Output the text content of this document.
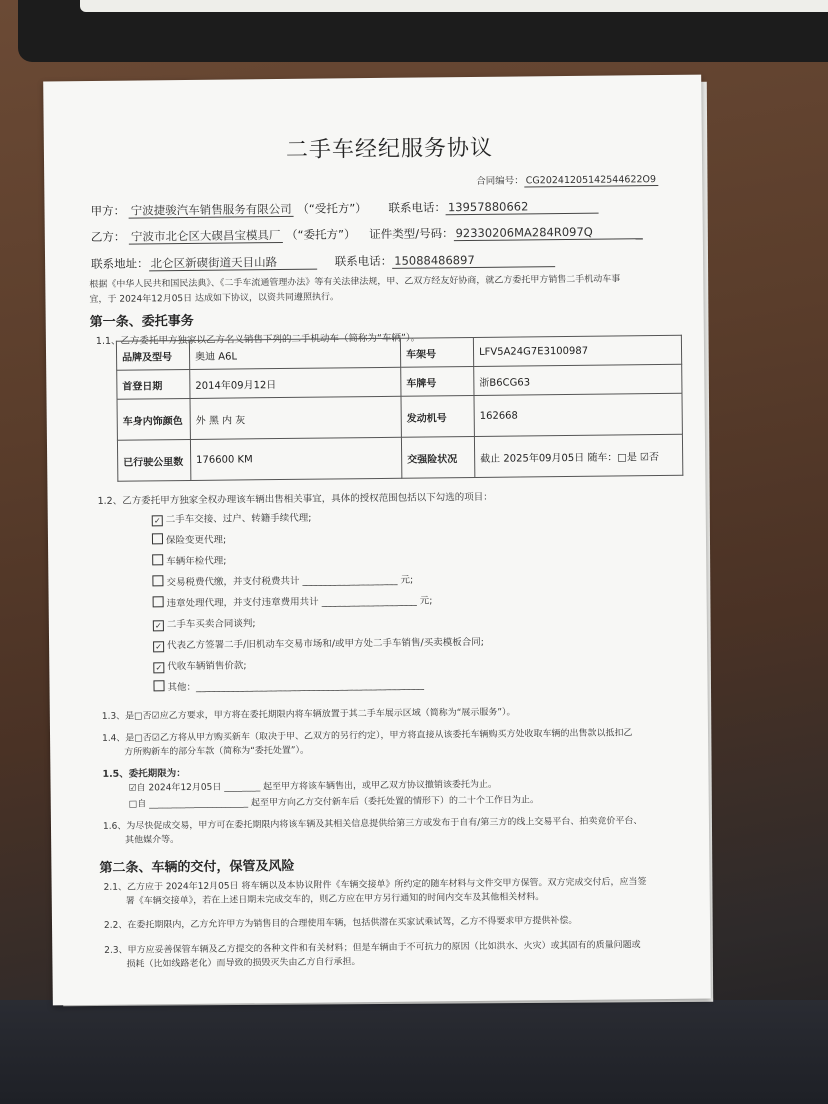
二手车经纪服务协议
合同编号： CG20241205142544622O9
甲方： 宁波捷骏汽车销售服务有限公司 （“受托方”） 联系电话： 13957880662
乙方： 宁波市北仑区大碶昌宝模具厂 （“委托方”） 证件类型/号码： 92330206MA284R097Q
联系地址： 北仑区新碶街道天目山路	联系电话： 15088486897
根据《中华人民共和国民法典》、《二手车流通管理办法》等有关法律法规，甲、乙双方经友好协商，就乙方委托甲方销售二手机动车事
宜，于 2024年12月05日 达成如下协议，以资共同遵照执行。
第一条、委托事务
1.1、乙方委托甲方独家以乙方名义销售下列的二手机动车（简称为“车辆”）。
品牌及型号	奥迪 A6L	车架号	LFV5A24G7E3100987
首登日期	2014年09月12日	车牌号	浙B6CG63
车身内饰颜色	外 黑 内 灰	发动机号	162668
已行驶公里数	176600 KM	交强险状况	截止 2025年09月05日 随车：□是 ☑否
1.2、乙方委托甲方独家全权办理该车辆出售相关事宜，具体的授权范围包括以下勾选的项目：
✓ 二手车交接、过户、转籍手续代理;
保险变更代理;
车辆年检代理;
交易税费代缴，并支付税费共计 ____________________ 元;
违章处理代理，并支付违章费用共计 ____________________ 元;
✓ 二手车买卖合同谈判;
✓ 代表乙方签署二手/旧机动车交易市场和/或甲方处二手车销售/买卖模板合同;
✓ 代收车辆销售价款;
其他：________________________________________________
1.3、是□否☑应乙方要求，甲方将在委托期限内将车辆放置于其二手车展示区域（简称为“展示服务”）。
1.4、是□否☑乙方将从甲方购买新车（取决于甲、乙双方的另行约定），甲方将直接从该委托车辆购买方处收取车辆的出售款以抵扣乙
方所购新车的部分车款（简称为“委托处置”）。
1.5、委托期限为：
☑自 2024年12月05日 ________ 起至甲方将该车辆售出，或甲乙双方协议撤销该委托为止。
□自 ______________________ 起至甲方向乙方交付新车后（委托处置的情形下）的二十个工作日为止。
1.6、为尽快促成交易，甲方可在委托期限内将该车辆及其相关信息提供给第三方或发布于自有/第三方的线上交易平台、拍卖竞价平台、
其他媒介等。
第二条、车辆的交付，保管及风险
2.1、乙方应于 2024年12月05日 将车辆以及本协议附件《车辆交接单》所约定的随车材料与文件交甲方保管。双方完成交付后，应当签
署《车辆交接单》，若在上述日期未完成交车的，则乙方应在甲方另行通知的时间内交车及其他相关材料。
2.2、在委托期限内，乙方允许甲方为销售目的合理使用车辆，包括供潜在买家试乘试驾，乙方不得要求甲方提供补偿。
2.3、甲方应妥善保管车辆及乙方提交的各种文件和有关材料；但是车辆由于不可抗力的原因（比如洪水、火灾）或其固有的质量问题或
损耗（比如线路老化）而导致的损毁灭失由乙方自行承担。
